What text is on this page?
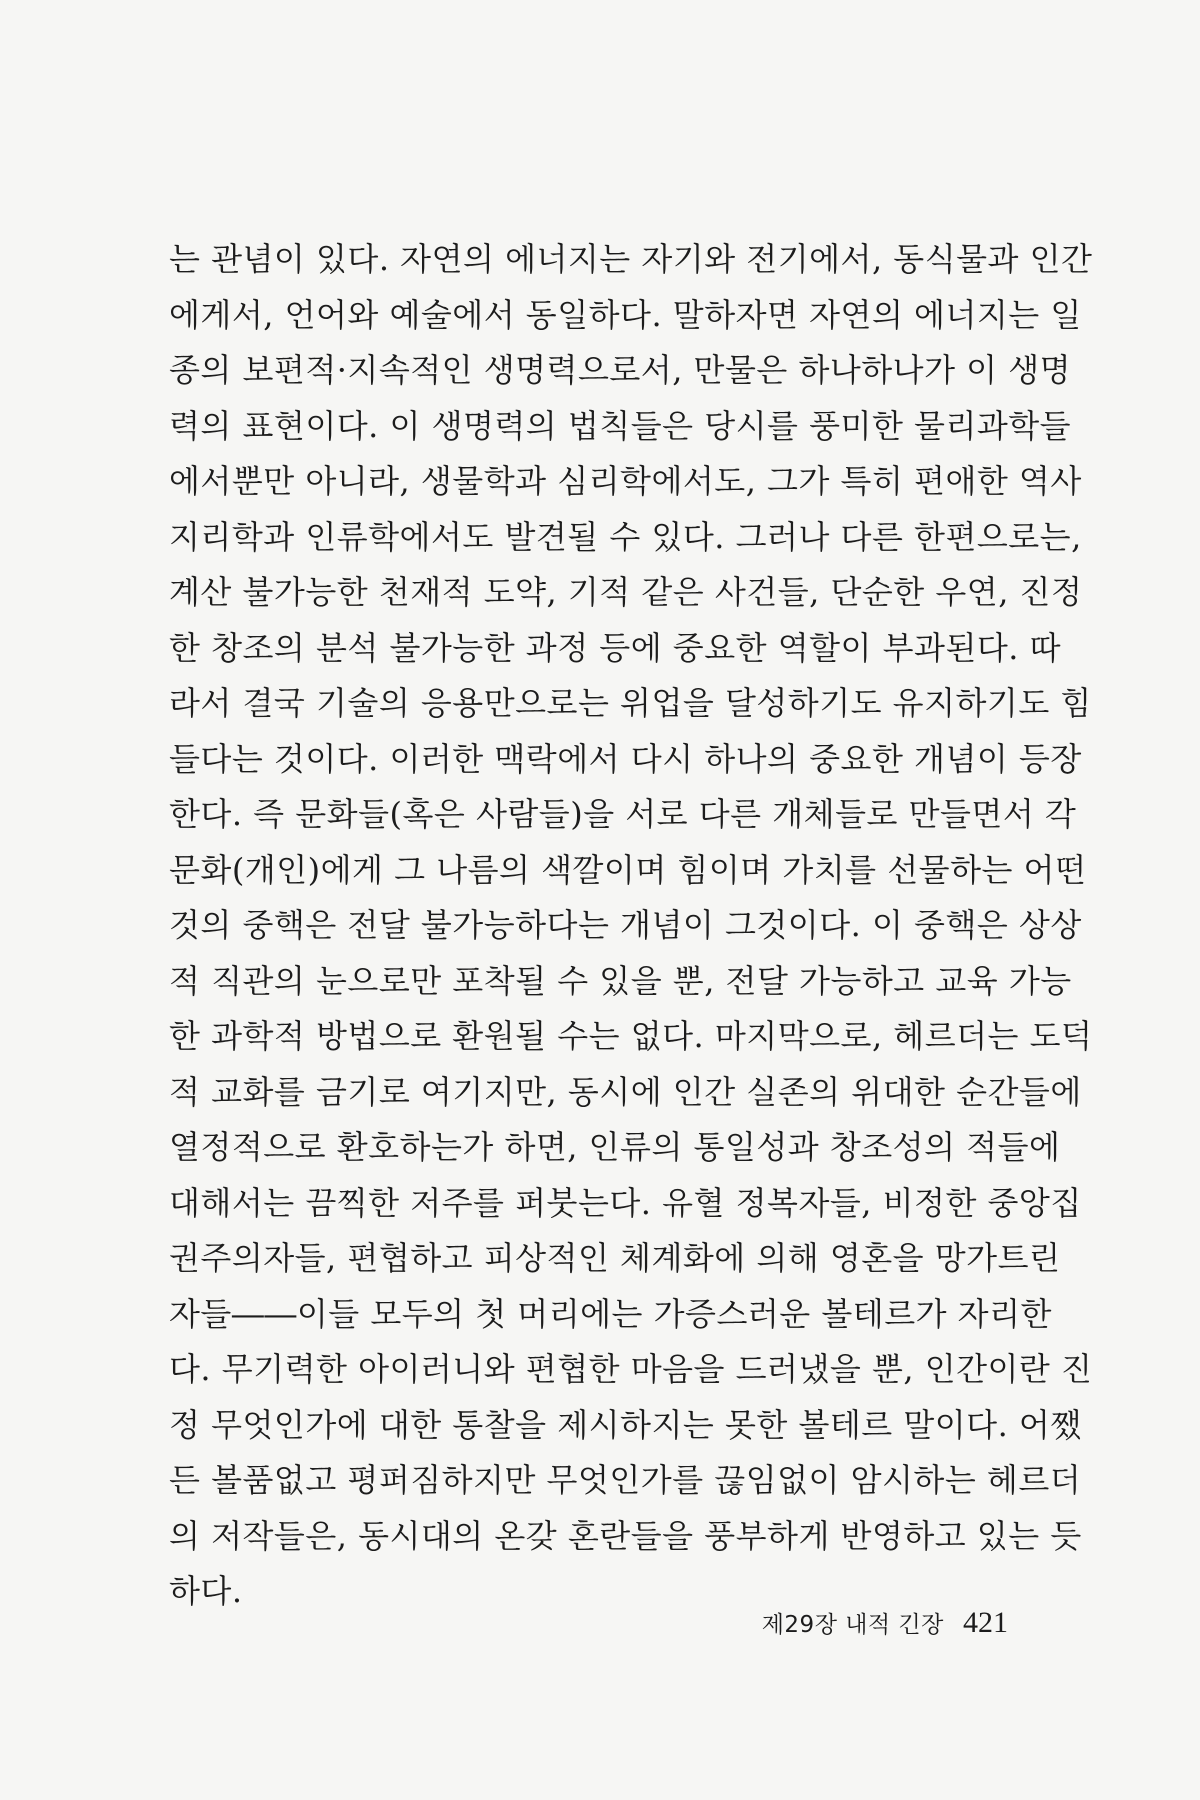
는 관념이 있다. 자연의 에너지는 자기와 전기에서, 동식물과 인간
에게서, 언어와 예술에서 동일하다. 말하자면 자연의 에너지는 일
종의 보편적·지속적인 생명력으로서, 만물은 하나하나가 이 생명
력의 표현이다. 이 생명력의 법칙들은 당시를 풍미한 물리과학들
에서뿐만 아니라, 생물학과 심리학에서도, 그가 특히 편애한 역사
지리학과 인류학에서도 발견될 수 있다. 그러나 다른 한편으로는,
계산 불가능한 천재적 도약, 기적 같은 사건들, 단순한 우연, 진정
한 창조의 분석 불가능한 과정 등에 중요한 역할이 부과된다. 따
라서 결국 기술의 응용만으로는 위업을 달성하기도 유지하기도 힘
들다는 것이다. 이러한 맥락에서 다시 하나의 중요한 개념이 등장
한다. 즉 문화들(혹은 사람들)을 서로 다른 개체들로 만들면서 각
문화(개인)에게 그 나름의 색깔이며 힘이며 가치를 선물하는 어떤
것의 중핵은 전달 불가능하다는 개념이 그것이다. 이 중핵은 상상
적 직관의 눈으로만 포착될 수 있을 뿐, 전달 가능하고 교육 가능
한 과학적 방법으로 환원될 수는 없다. 마지막으로, 헤르더는 도덕
적 교화를 금기로 여기지만, 동시에 인간 실존의 위대한 순간들에
열정적으로 환호하는가 하면, 인류의 통일성과 창조성의 적들에
대해서는 끔찍한 저주를 퍼붓는다. 유혈 정복자들, 비정한 중앙집
권주의자들, 편협하고 피상적인 체계화에 의해 영혼을 망가트린
자들――이들 모두의 첫 머리에는 가증스러운 볼테르가 자리한
다. 무기력한 아이러니와 편협한 마음을 드러냈을 뿐, 인간이란 진
정 무엇인가에 대한 통찰을 제시하지는 못한 볼테르 말이다. 어쨌
든 볼품없고 평퍼짐하지만 무엇인가를 끊임없이 암시하는 헤르더
의 저작들은, 동시대의 온갖 혼란들을 풍부하게 반영하고 있는 듯
하다.
제29장 내적 긴장 421
